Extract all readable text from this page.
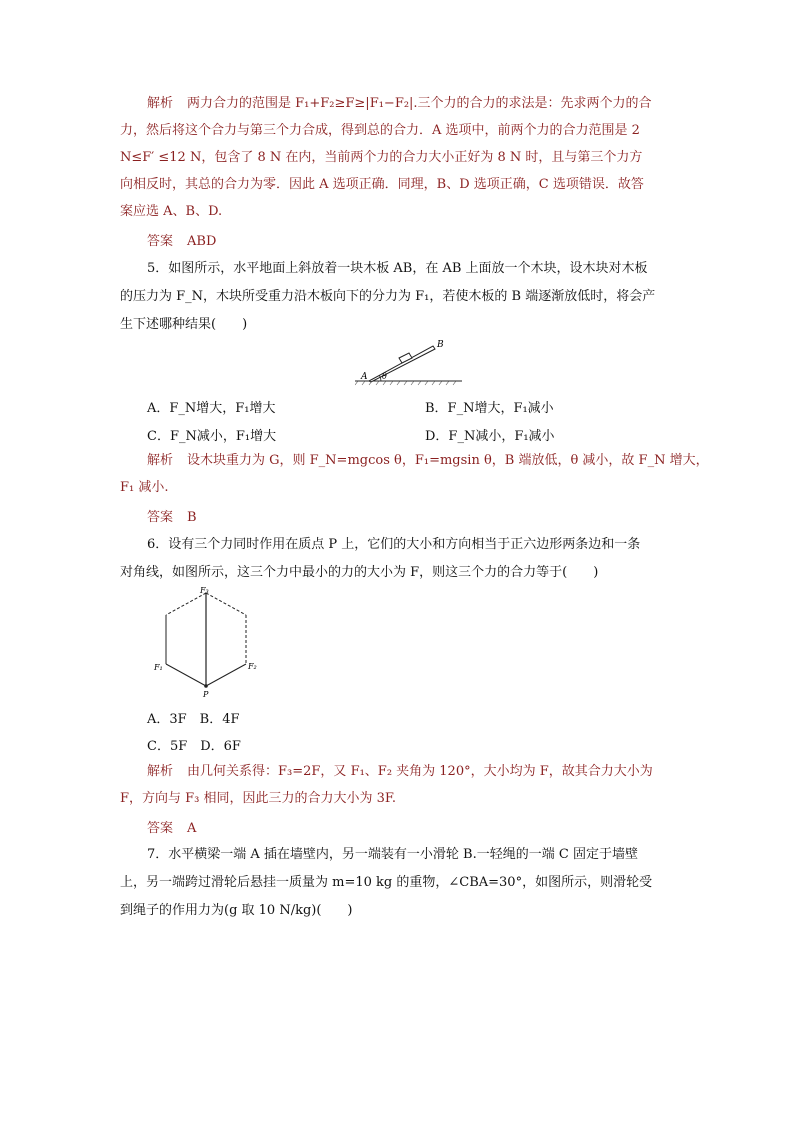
解析 两力合力的范围是 F₁+F₂≥F≥|F₁−F₂|.三个力的合力的求法是：先求两个力的合
力，然后将这个合力与第三个力合成，得到总的合力．A 选项中，前两个力的合力范围是 2
N≤F′ ≤12 N，包含了 8 N 在内，当前两个力的合力大小正好为 8 N 时，且与第三个力方
向相反时，其总的合力为零．因此 A 选项正确．同理，B、D 选项正确，C 选项错误．故答
案应选 A、B、D.
答案 ABD
5．如图所示，水平地面上斜放着一块木板 AB，在 AB 上面放一个木块，设木块对木板
的压力为 F_N，木块所受重力沿木板向下的分力为 F₁，若使木板的 B 端逐渐放低时，将会产
生下述哪种结果(　　)
A
B
θ
A．F_N增大，F₁增大	B．F_N增大，F₁减小
C．F_N减小，F₁增大	D．F_N减小，F₁减小
解析 设木块重力为 G，则 F_N=mgcos θ，F₁=mgsin θ，B 端放低，θ 减小，故 F_N 增大，
F₁ 减小.
答案 B
6．设有三个力同时作用在质点 P 上，它们的大小和方向相当于正六边形两条边和一条
对角线，如图所示，这三个力中最小的力的大小为 F，则这三个力的合力等于(　　)
F₃
F₁	F₂
P
A．3F　B．4F
C．5F　D．6F
解析 由几何关系得：F₃=2F，又 F₁、F₂ 夹角为 120°，大小均为 F，故其合力大小为
F，方向与 F₃ 相同，因此三力的合力大小为 3F.
答案 A
7．水平横梁一端 A 插在墙壁内，另一端装有一小滑轮 B.一轻绳的一端 C 固定于墙壁
上，另一端跨过滑轮后悬挂一质量为 m=10 kg 的重物，∠CBA=30°，如图所示，则滑轮受
到绳子的作用力为(g 取 10 N/kg)(　　)
